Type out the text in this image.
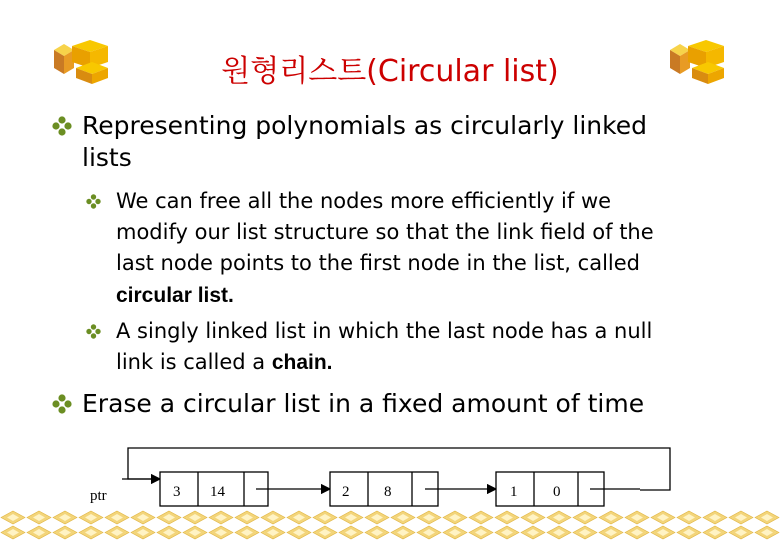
원형리스트(Circular list)
Representing polynomials as circularly linked
lists
We can free all the nodes more efficiently if we
modify our list structure so that the link field of the
last node points to the first node in the list, called
circular list.
A singly linked list in which the last node has a null
link is called a chain.
Erase a circular list in a fixed amount of time
ptr	3 14	2 8	1 0
